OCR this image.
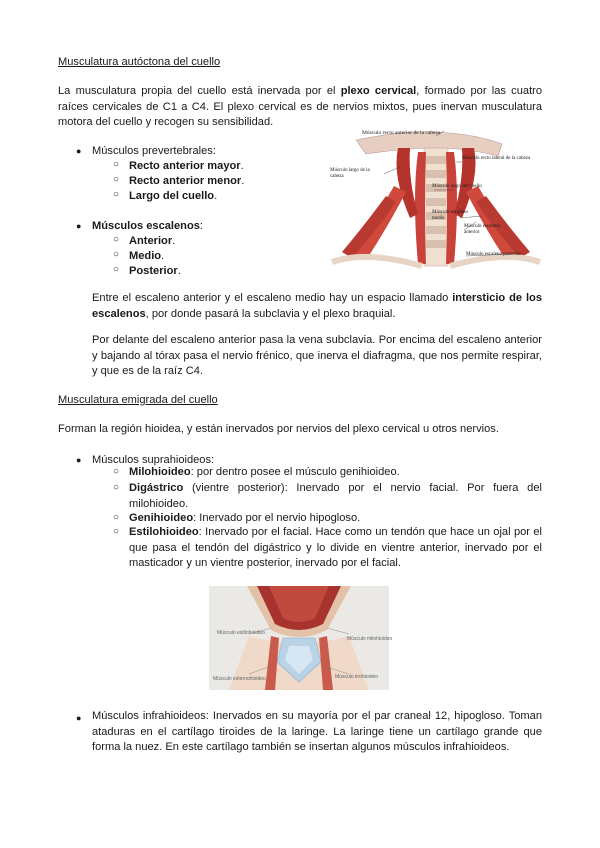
Musculatura autóctona del cuello
La musculatura propia del cuello está inervada por el plexo cervical, formado por las cuatro raíces cervicales de C1 a C4. El plexo cervical es de nervios mixtos, pues inervan musculatura motora del cuello y recogen su sensibilidad.
● Músculos prevertebrales:
○ Recto anterior mayor.
○ Recto anterior menor.
○ Largo del cuello.
● Músculos escalenos:
○ Anterior.
○ Medio.
○ Posterior.
Músculo recto anterior de la cabeza
Músculo largo de la cabeza
Músculo recto lateral de la cabeza
Músculo largo del cuello
Músculo escaleno medio
Músculo escaleno anterior
Músculo escaleno posterior
Entre el escaleno anterior y el escaleno medio hay un espacio llamado intersticio de los escalenos, por donde pasará la subclavia y el plexo braquial.
Por delante del escaleno anterior pasa la vena subclavia. Por encima del escaleno anterior y bajando al tórax pasa el nervio frénico, que inerva el diafragma, que nos permite respirar, y que es de la raíz C4.
Musculatura emigrada del cuello
Forman la región hioidea, y están inervados por nervios del plexo cervical u otros nervios.
● Músculos suprahioideos:
○ Milohioideo: por dentro posee el músculo genihioideo.
○ Digástrico (vientre posterior): Inervado por el nervio facial. Por fuera del milohioideo.
○ Genihioideo: Inervado por el nervio hipogloso.
○ Estilohioideo: Inervado por el facial. Hace como un tendón que hace un ojal por el que pasa el tendón del digástrico y lo divide en vientre anterior, inervado por el masticador y un vientre posterior, inervado por el facial.
Músculo estilohioideo
Músculo milohioideo
Músculo esternohioideo	Músculo tirohioideo
● Músculos infrahioideos: Inervados en su mayoría por el par craneal 12, hipogloso. Toman ataduras en el cartílago tiroides de la laringe. La laringe tiene un cartílago grande que forma la nuez. En este cartílago también se insertan algunos músculos infrahioideos.
